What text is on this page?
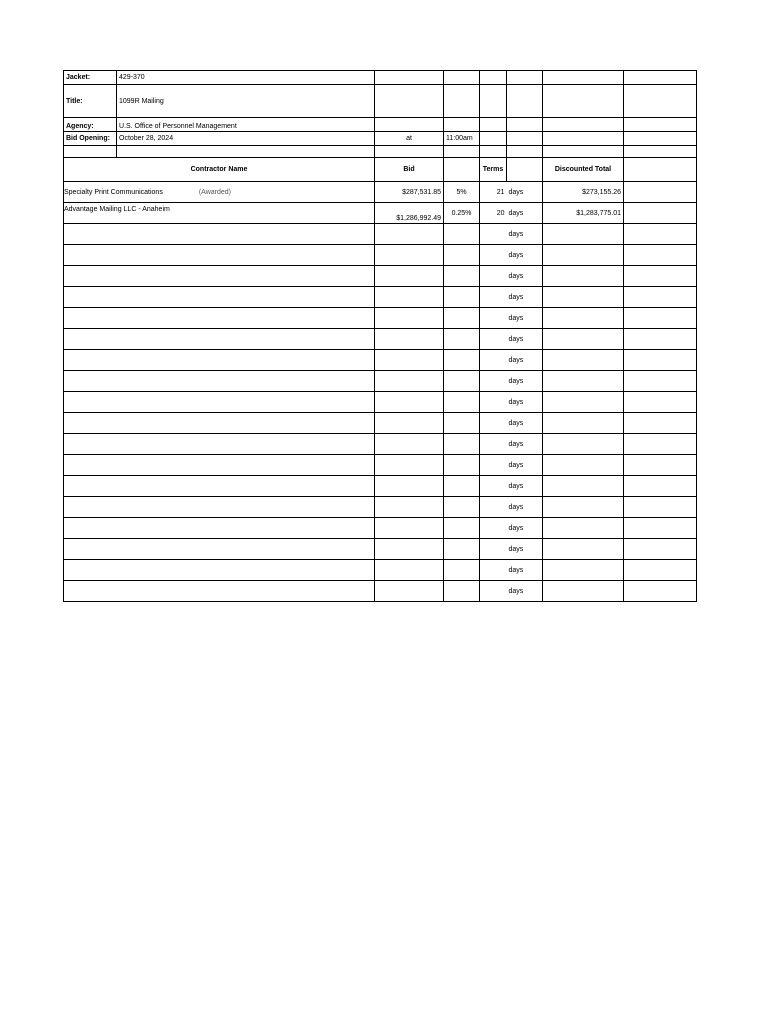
Jacket:	429-370						
Title:	1099R Mailing						
Agency:	U.S. Office of Personnel Management						
Bid Opening:	October 28, 2024	at	11:00am				

Contractor Name		Bid		Terms		Discounted Total	
Specialty Print Communications (Awarded)		$287,531.85	5%	21	days	$273,155.26	
Advantage Mailing LLC - Anaheim		$1,286,992.49	0.25%	20	days	$1,283,775.01	
					days		
					days		
					days		
					days		
					days		
					days		
					days		
					days		
					days		
					days		
					days		
					days		
					days		
					days		
					days		
					days		
					days		
					days		
